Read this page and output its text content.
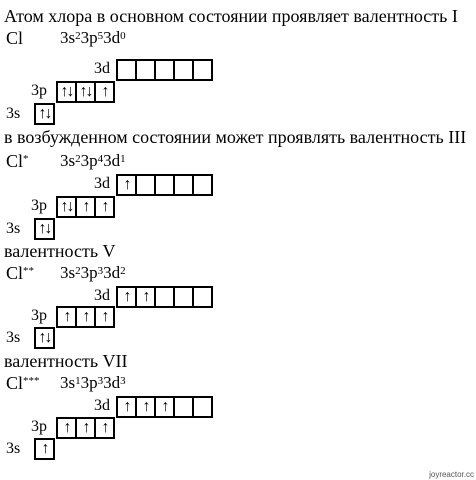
Атом хлора в основном состоянии проявляет валентность I
в возбужденном состоянии может проявлять валентность III
валентность V
валентность VII
Cl $3s^23p^53d^0$
3s
3p
3d
↑↓
↑↓ ↑↓ ↑
Cl* $3s^23p^43d^1$
3s
3p
3d
↑↓
↑↓ ↑ ↑
↑
Cl** $3s^23p^33d^2$
3s
3p
3d
↑↓
↑ ↑ ↑
↑ ↑
Cl*** $3s^13p^33d^3$
3s
3p
3d
↑
↑ ↑ ↑
↑ ↑ ↑
joyreactor.cc
